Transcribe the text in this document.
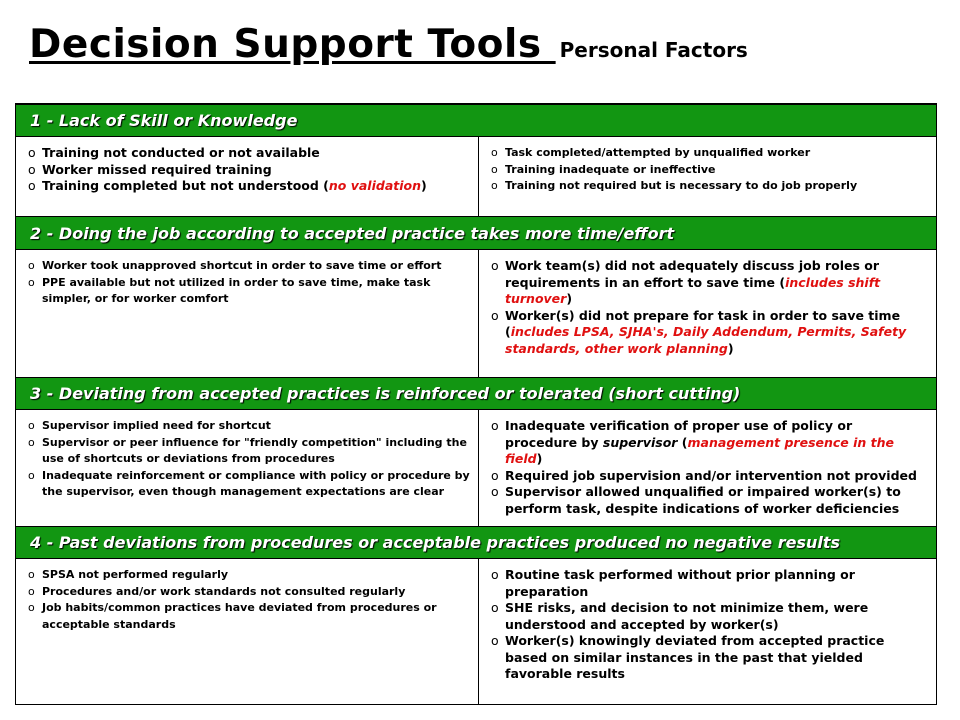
Decision Support Tools Personal Factors
1 - Lack of Skill or Knowledge
o Training not conducted or not available
o Worker missed required training
o Training completed but not understood (no validation)
o Task completed/attempted by unqualified worker
o Training inadequate or ineffective
o Training not required but is necessary to do job properly
2 - Doing the job according to accepted practice takes more time/effort
o Worker took unapproved shortcut in order to save time or effort
o PPE available but not utilized in order to save time, make task simpler, or for worker comfort
o Work team(s) did not adequately discuss job roles or requirements in an effort to save time (includes shift turnover)
o Worker(s) did not prepare for task in order to save time (includes LPSA, SJHA's, Daily Addendum, Permits, Safety standards, other work planning)
3 - Deviating from accepted practices is reinforced or tolerated (short cutting)
o Supervisor implied need for shortcut
o Supervisor or peer influence for "friendly competition" including the use of shortcuts or deviations from procedures
o Inadequate reinforcement or compliance with policy or procedure by the supervisor, even though management expectations are clear
o Inadequate verification of proper use of policy or procedure by supervisor (management presence in the field)
o Required job supervision and/or intervention not provided
o Supervisor allowed unqualified or impaired worker(s) to perform task, despite indications of worker deficiencies
4 - Past deviations from procedures or acceptable practices produced no negative results
o SPSA not performed regularly
o Procedures and/or work standards not consulted regularly
o Job habits/common practices have deviated from procedures or acceptable standards
o Routine task performed without prior planning or preparation
o SHE risks, and decision to not minimize them, were understood and accepted by worker(s)
o Worker(s) knowingly deviated from accepted practice based on similar instances in the past that yielded favorable results
